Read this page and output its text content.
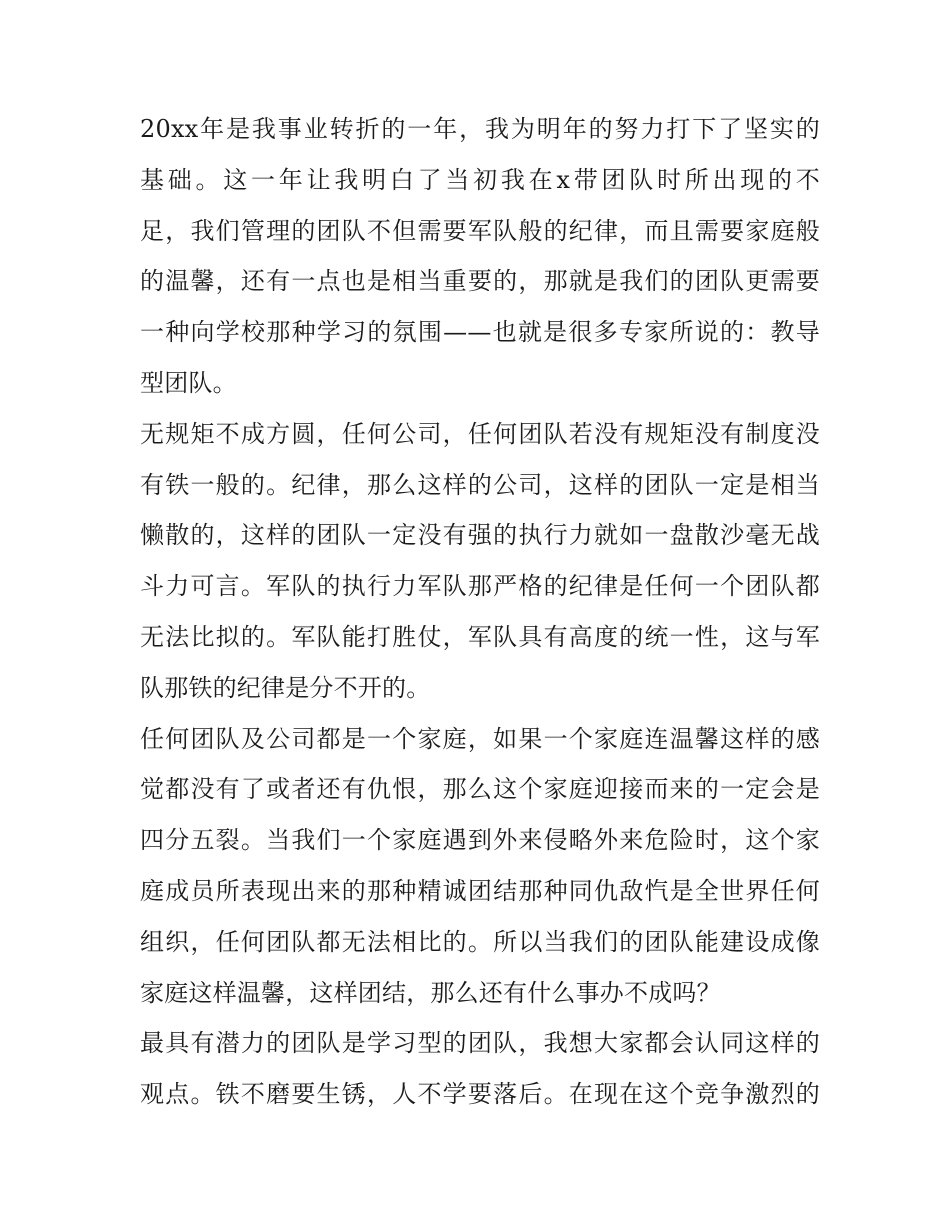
20xx年是我事业转折的一年，我为明年的努力打下了坚实的
基础。这一年让我明白了当初我在x带团队时所出现的不
足，我们管理的团队不但需要军队般的纪律，而且需要家庭般
的温馨，还有一点也是相当重要的，那就是我们的团队更需要
一种向学校那种学习的氛围——也就是很多专家所说的：教导
型团队。
无规矩不成方圆，任何公司，任何团队若没有规矩没有制度没
有铁一般的。纪律，那么这样的公司，这样的团队一定是相当
懒散的，这样的团队一定没有强的执行力就如一盘散沙毫无战
斗力可言。军队的执行力军队那严格的纪律是任何一个团队都
无法比拟的。军队能打胜仗，军队具有高度的统一性，这与军
队那铁的纪律是分不开的。
任何团队及公司都是一个家庭，如果一个家庭连温馨这样的感
觉都没有了或者还有仇恨，那么这个家庭迎接而来的一定会是
四分五裂。当我们一个家庭遇到外来侵略外来危险时，这个家
庭成员所表现出来的那种精诚团结那种同仇敌忾是全世界任何
组织，任何团队都无法相比的。所以当我们的团队能建设成像
家庭这样温馨，这样团结，那么还有什么事办不成吗？
最具有潜力的团队是学习型的团队，我想大家都会认同这样的
观点。铁不磨要生锈，人不学要落后。在现在这个竞争激烈的
